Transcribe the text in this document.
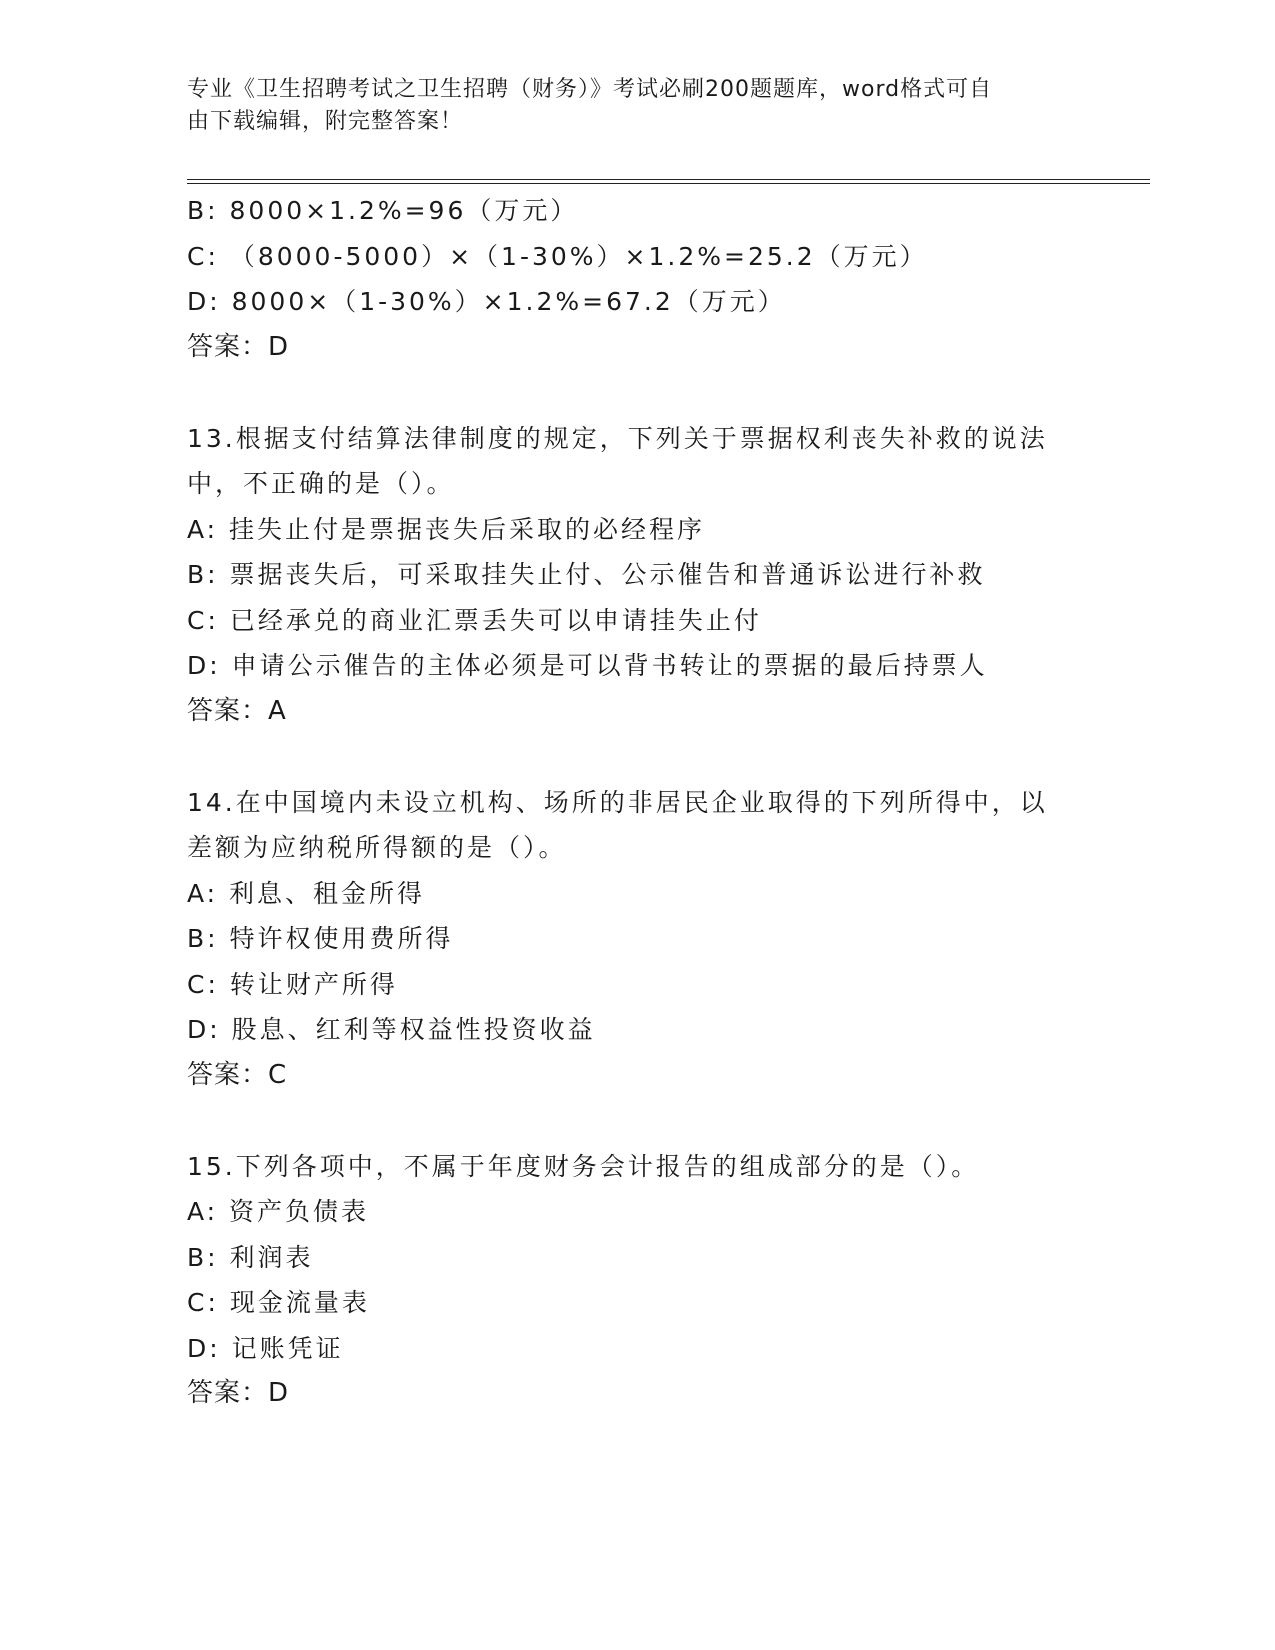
专业《卫生招聘考试之卫生招聘（财务）》考试必刷200题题库，word格式可自
由下载编辑，附完整答案！
B: 8000×1.2%=96（万元）
C: （8000-5000）×（1-30%）×1.2%=25.2（万元）
D: 8000×（1-30%）×1.2%=67.2（万元）
答案：D
13.根据支付结算法律制度的规定，下列关于票据权利丧失补救的说法
中，不正确的是（）。
A: 挂失止付是票据丧失后采取的必经程序
B: 票据丧失后，可采取挂失止付、公示催告和普通诉讼进行补救
C: 已经承兑的商业汇票丢失可以申请挂失止付
D: 申请公示催告的主体必须是可以背书转让的票据的最后持票人
答案：A
14.在中国境内未设立机构、场所的非居民企业取得的下列所得中，以
差额为应纳税所得额的是（）。
A: 利息、租金所得
B: 特许权使用费所得
C: 转让财产所得
D: 股息、红利等权益性投资收益
答案：C
15.下列各项中，不属于年度财务会计报告的组成部分的是（）。
A: 资产负债表
B: 利润表
C: 现金流量表
D: 记账凭证
答案：D
